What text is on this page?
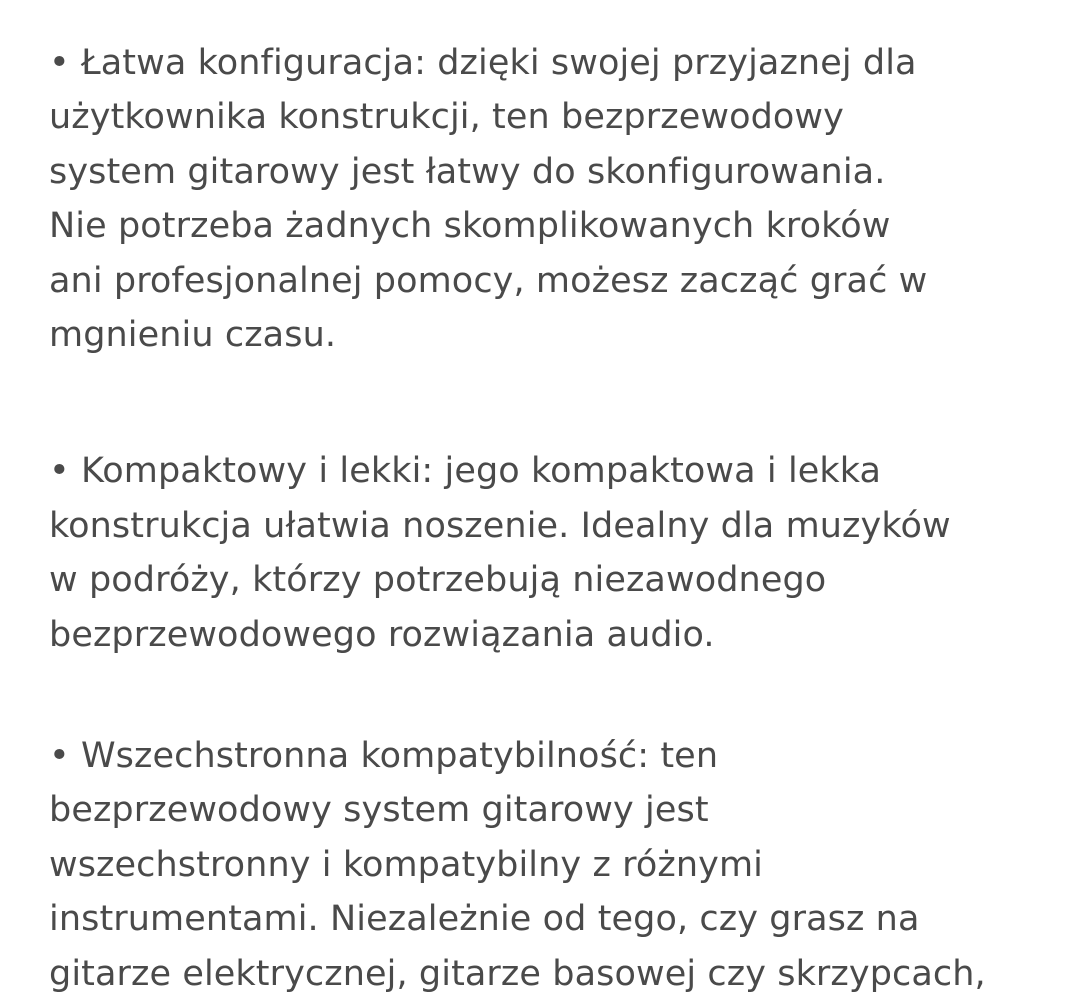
• Łatwa konfiguracja: dzięki swojej przyjaznej dla
użytkownika konstrukcji, ten bezprzewodowy
system gitarowy jest łatwy do skonfigurowania.
Nie potrzeba żadnych skomplikowanych kroków
ani profesjonalnej pomocy, możesz zacząć grać w
mgnieniu czasu.

• Kompaktowy i lekki: jego kompaktowa i lekka
konstrukcja ułatwia noszenie. Idealny dla muzyków
w podróży, którzy potrzebują niezawodnego
bezprzewodowego rozwiązania audio.

• Wszechstronna kompatybilność: ten
bezprzewodowy system gitarowy jest
wszechstronny i kompatybilny z różnymi
instrumentami. Niezależnie od tego, czy grasz na
gitarze elektrycznej, gitarze basowej czy skrzypcach,
